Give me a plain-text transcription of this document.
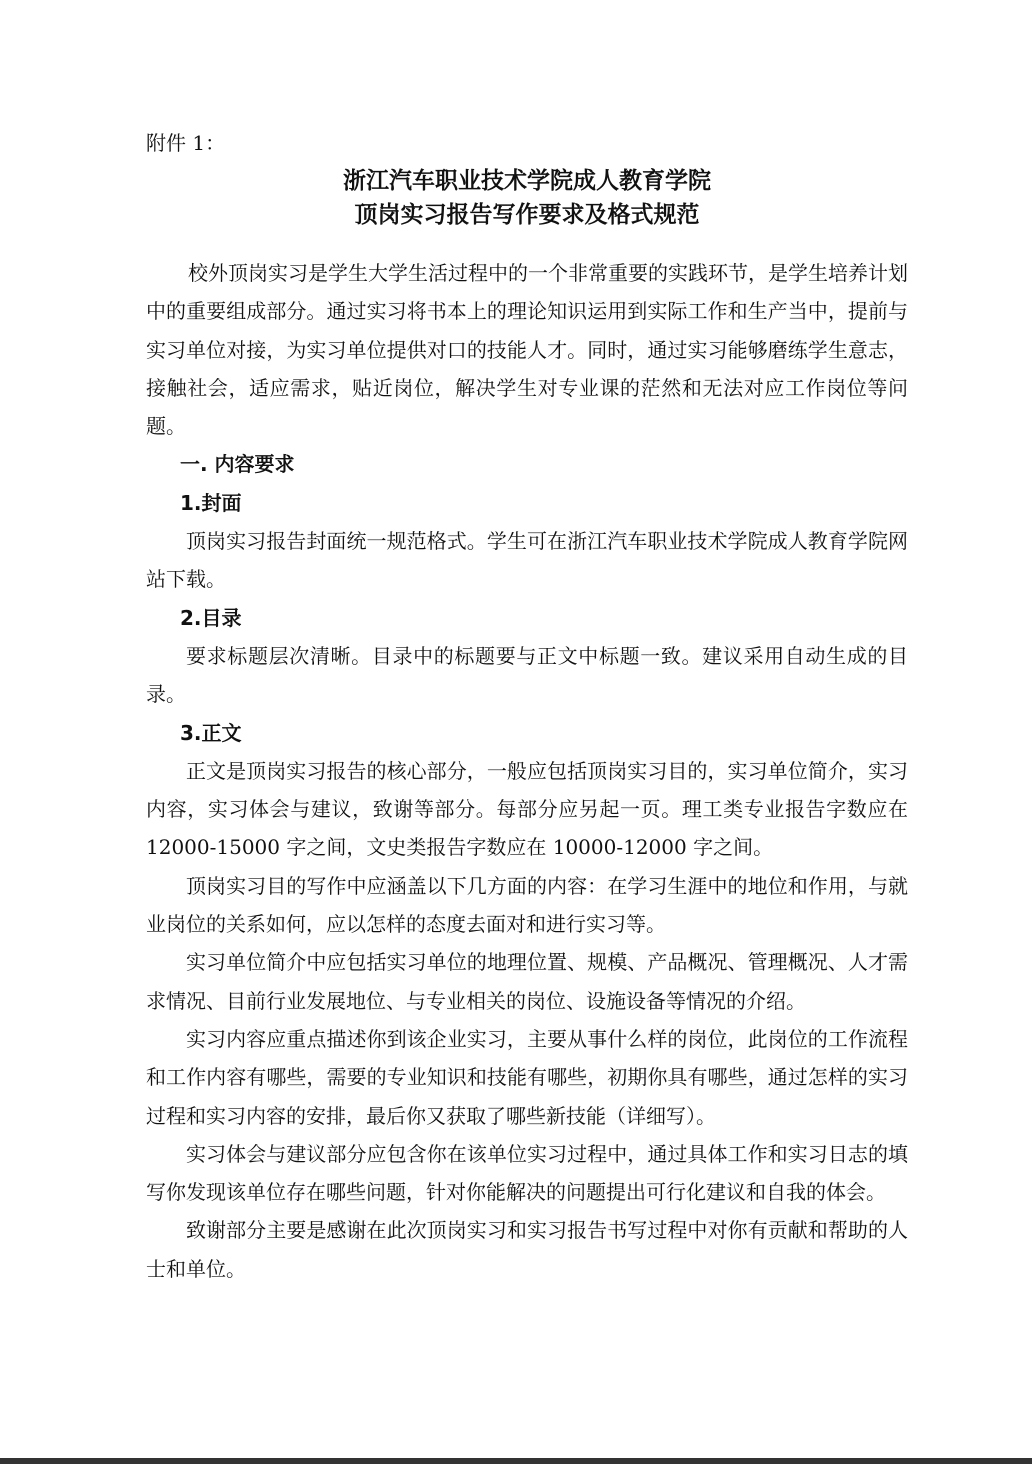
附件 1：

浙江汽车职业技术学院成人教育学院

顶岗实习报告写作要求及格式规范

校外顶岗实习是学生大学生活过程中的一个非常重要的实践环节，是学生培养计划中的重要组成部分。通过实习将书本上的理论知识运用到实际工作和生产当中，提前与实习单位对接，为实习单位提供对口的技能人才。同时，通过实习能够磨练学生意志，接触社会，适应需求，贴近岗位，解决学生对专业课的茫然和无法对应工作岗位等问题。

一. 内容要求

1.封面

顶岗实习报告封面统一规范格式。学生可在浙江汽车职业技术学院成人教育学院网站下载。

2.目录

要求标题层次清晰。目录中的标题要与正文中标题一致。建议采用自动生成的目录。

3.正文

正文是顶岗实习报告的核心部分，一般应包括顶岗实习目的，实习单位简介，实习内容，实习体会与建议，致谢等部分。每部分应另起一页。理工类专业报告字数应在 12000-15000 字之间，文史类报告字数应在 10000-12000 字之间。

顶岗实习目的写作中应涵盖以下几方面的内容：在学习生涯中的地位和作用，与就业岗位的关系如何，应以怎样的态度去面对和进行实习等。

实习单位简介中应包括实习单位的地理位置、规模、产品概况、管理概况、人才需求情况、目前行业发展地位、与专业相关的岗位、设施设备等情况的介绍。

实习内容应重点描述你到该企业实习，主要从事什么样的岗位，此岗位的工作流程和工作内容有哪些，需要的专业知识和技能有哪些，初期你具有哪些，通过怎样的实习过程和实习内容的安排，最后你又获取了哪些新技能（详细写）。

实习体会与建议部分应包含你在该单位实习过程中，通过具体工作和实习日志的填写你发现该单位存在哪些问题，针对你能解决的问题提出可行化建议和自我的体会。

致谢部分主要是感谢在此次顶岗实习和实习报告书写过程中对你有贡献和帮助的人士和单位。
